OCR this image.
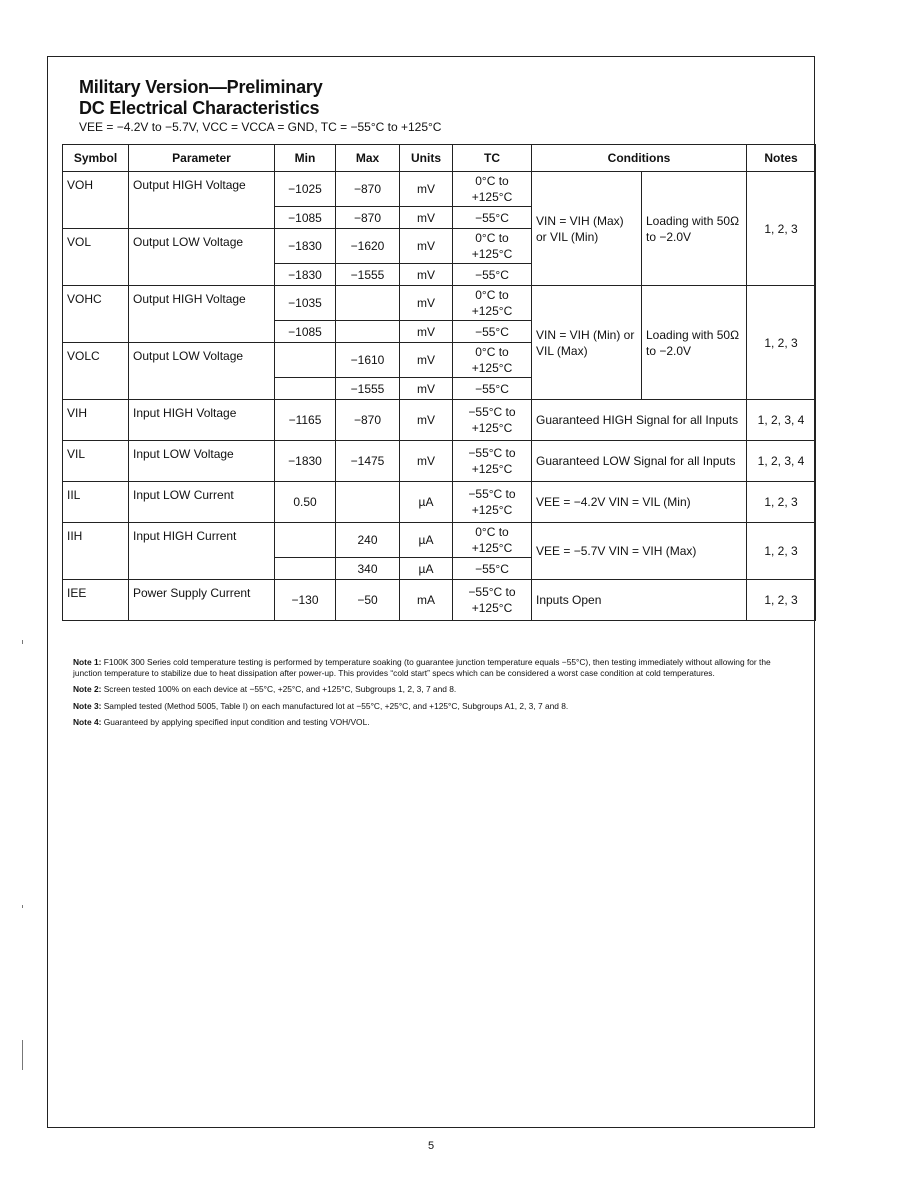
Military Version—Preliminary
DC Electrical Characteristics
VEE = −4.2V to −5.7V, VCC = VCCA = GND, TC = −55°C to +125°C
Symbol	Parameter	Min	Max	Units	TC	Conditions		Notes
VOH	Output HIGH Voltage	−1025	−870	mV	0°C to +125°C	VIN = VIH (Max) or VIL (Min)	Loading with 50Ω to −2.0V	1, 2, 3
		−1085	−870	mV	−55°C			
VOL	Output LOW Voltage	−1830	−1620	mV	0°C to +125°C			
		−1830	−1555	mV	−55°C			
VOHC	Output HIGH Voltage	−1035		mV	0°C to +125°C	VIN = VIH (Min) or VIL (Max)	Loading with 50Ω to −2.0V	1, 2, 3
		−1085		mV	−55°C			
VOLC	Output LOW Voltage		−1610	mV	0°C to +125°C			
			−1555	mV	−55°C			
VIH	Input HIGH Voltage	−1165	−870	mV	−55°C to +125°C	Guaranteed HIGH Signal for all Inputs		1, 2, 3, 4
VIL	Input LOW Voltage	−1830	−1475	mV	−55°C to +125°C	Guaranteed LOW Signal for all Inputs		1, 2, 3, 4
IIL	Input LOW Current	0.50		µA	−55°C to +125°C	VEE = −4.2V VIN = VIL (Min)		1, 2, 3
IIH	Input HIGH Current		240	µA	0°C to +125°C	VEE = −5.7V VIN = VIH (Max)		1, 2, 3
			340	µA	−55°C			
IEE	Power Supply Current	−130	−50	mA	−55°C to +125°C	Inputs Open		1, 2, 3

Note 1: F100K 300 Series cold temperature testing is performed by temperature soaking (to guarantee junction temperature equals −55°C), then testing immediately without allowing for the junction temperature to stabilize due to heat dissipation after power-up. This provides “cold start” specs which can be considered a worst case condition at cold temperatures.

Note 2: Screen tested 100% on each device at −55°C, +25°C, and +125°C, Subgroups 1, 2, 3, 7 and 8.

Note 3: Sampled tested (Method 5005, Table I) on each manufactured lot at −55°C, +25°C, and +125°C, Subgroups A1, 2, 3, 7 and 8.

Note 4: Guaranteed by applying specified input condition and testing VOH/VOL.

5
